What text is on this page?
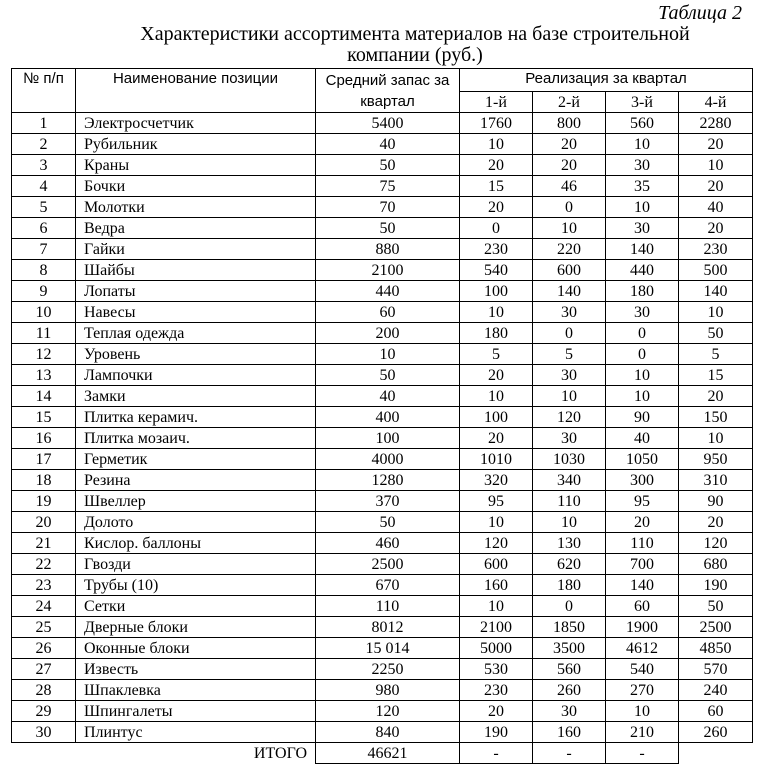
Таблица 2
Характеристики ассортимента материалов на базе строительной
компании (руб.)
№ п/п	Наименование позиции	Средний запас за квартал	Реализация за квартал			
			1-й	2-й	3-й	4-й
1	Электросчетчик	5400	1760	800	560	2280
2	Рубильник	40	10	20	10	20
3	Краны	50	20	20	30	10
4	Бочки	75	15	46	35	20
5	Молотки	70	20	0	10	40
6	Ведра	50	0	10	30	20
7	Гайки	880	230	220	140	230
8	Шайбы	2100	540	600	440	500
9	Лопаты	440	100	140	180	140
10	Навесы	60	10	30	30	10
11	Теплая одежда	200	180	0	0	50
12	Уровень	10	5	5	0	5
13	Лампочки	50	20	30	10	15
14	Замки	40	10	10	10	20
15	Плитка керамич.	400	100	120	90	150
16	Плитка мозаич.	100	20	30	40	10
17	Герметик	4000	1010	1030	1050	950
18	Резина	1280	320	340	300	310
19	Швеллер	370	95	110	95	90
20	Долото	50	10	10	20	20
21	Кислор. баллоны	460	120	130	110	120
22	Гвозди	2500	600	620	700	680
23	Трубы (10)	670	160	180	140	190
24	Сетки	110	10	0	60	50
25	Дверные блоки	8012	2100	1850	1900	2500
26	Оконные блоки	15 014	5000	3500	4612	4850
27	Известь	2250	530	560	540	570
28	Шпаклевка	980	230	260	270	240
29	Шпингалеты	120	20	30	10	60
30	Плинтус	840	190	160	210	260
ИТОГО		46621	-	-	-	
